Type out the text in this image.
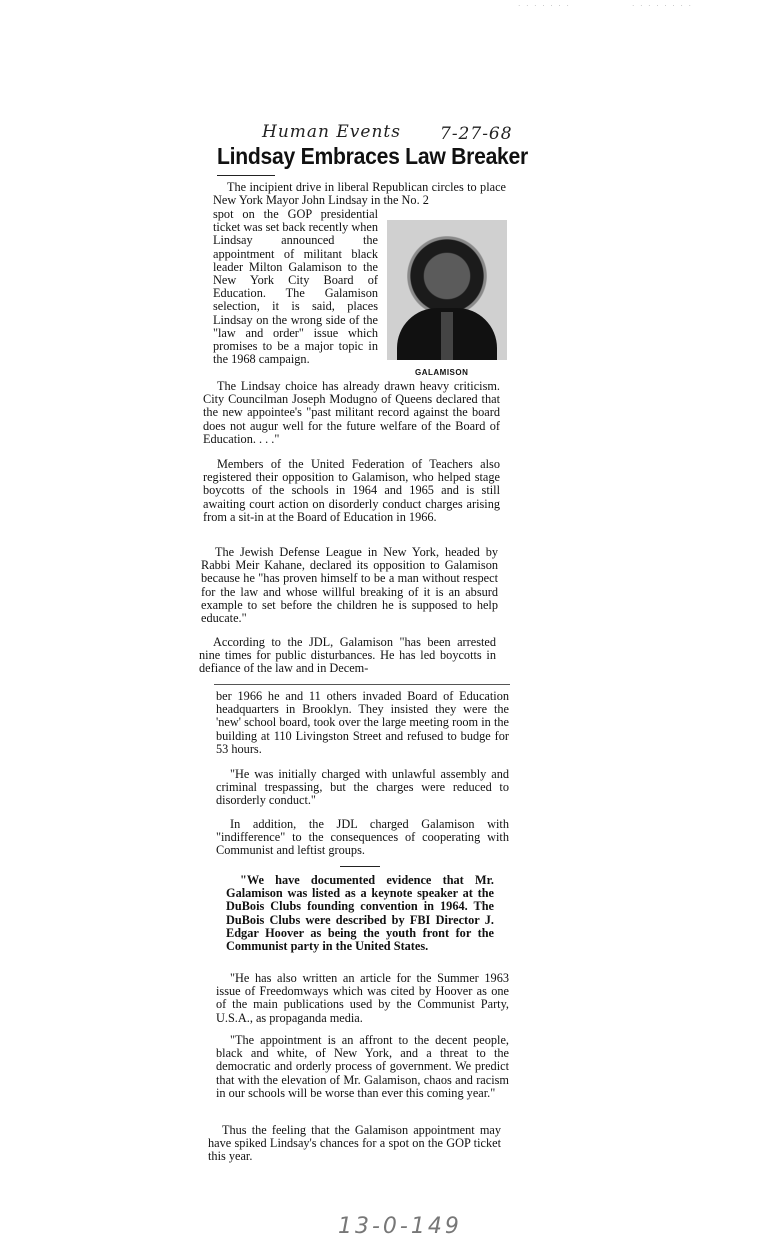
· · · · · · ·	· · · · · · · ·
Human Events 7-27-68
Lindsay Embraces Law Breaker

The incipient drive in liberal Republican circles to place New York Mayor John Lindsay in the No. 2

spot on the GOP presidential ticket was set back recently when Lindsay announced the appointment of militant black leader Milton Galamison to the New York City Board of Education. The Galamison selection, it is said, places Lindsay on the wrong side of the "law and order" issue which promises to be a major topic in the 1968 campaign.

GALAMISON

The Lindsay choice has already drawn heavy criticism. City Councilman Joseph Modugno of Queens declared that the new appointee's "past militant record against the board does not augur well for the future welfare of the Board of Education. . . ."

Members of the United Federation of Teachers also registered their opposition to Galamison, who helped stage boycotts of the schools in 1964 and 1965 and is still awaiting court action on disorderly conduct charges arising from a sit-in at the Board of Education in 1966.

The Jewish Defense League in New York, headed by Rabbi Meir Kahane, declared its opposition to Galamison because he "has proven himself to be a man without respect for the law and whose willful breaking of it is an absurd example to set before the children he is supposed to help educate."

According to the JDL, Galamison "has been arrested nine times for public disturbances. He has led boycotts in defiance of the law and in Decem-

ber 1966 he and 11 others invaded Board of Education headquarters in Brooklyn. They insisted they were the 'new' school board, took over the large meeting room in the building at 110 Livingston Street and refused to budge for 53 hours.

"He was initially charged with unlawful assembly and criminal trespassing, but the charges were reduced to disorderly conduct."

In addition, the JDL charged Galamison with "indifference" to the consequences of cooperating with Communist and leftist groups.

"We have documented evidence that Mr. Galamison was listed as a keynote speaker at the DuBois Clubs founding convention in 1964. The DuBois Clubs were described by FBI Director J. Edgar Hoover as being the youth front for the Communist party in the United States.

"He has also written an article for the Summer 1963 issue of Freedomways which was cited by Hoover as one of the main publications used by the Communist Party, U.S.A., as propaganda media.

"The appointment is an affront to the decent people, black and white, of New York, and a threat to the democratic and orderly process of government. We predict that with the elevation of Mr. Galamison, chaos and racism in our schools will be worse than ever this coming year."

Thus the feeling that the Galamison appointment may have spiked Lindsay's chances for a spot on the GOP ticket this year.

13-0-149
